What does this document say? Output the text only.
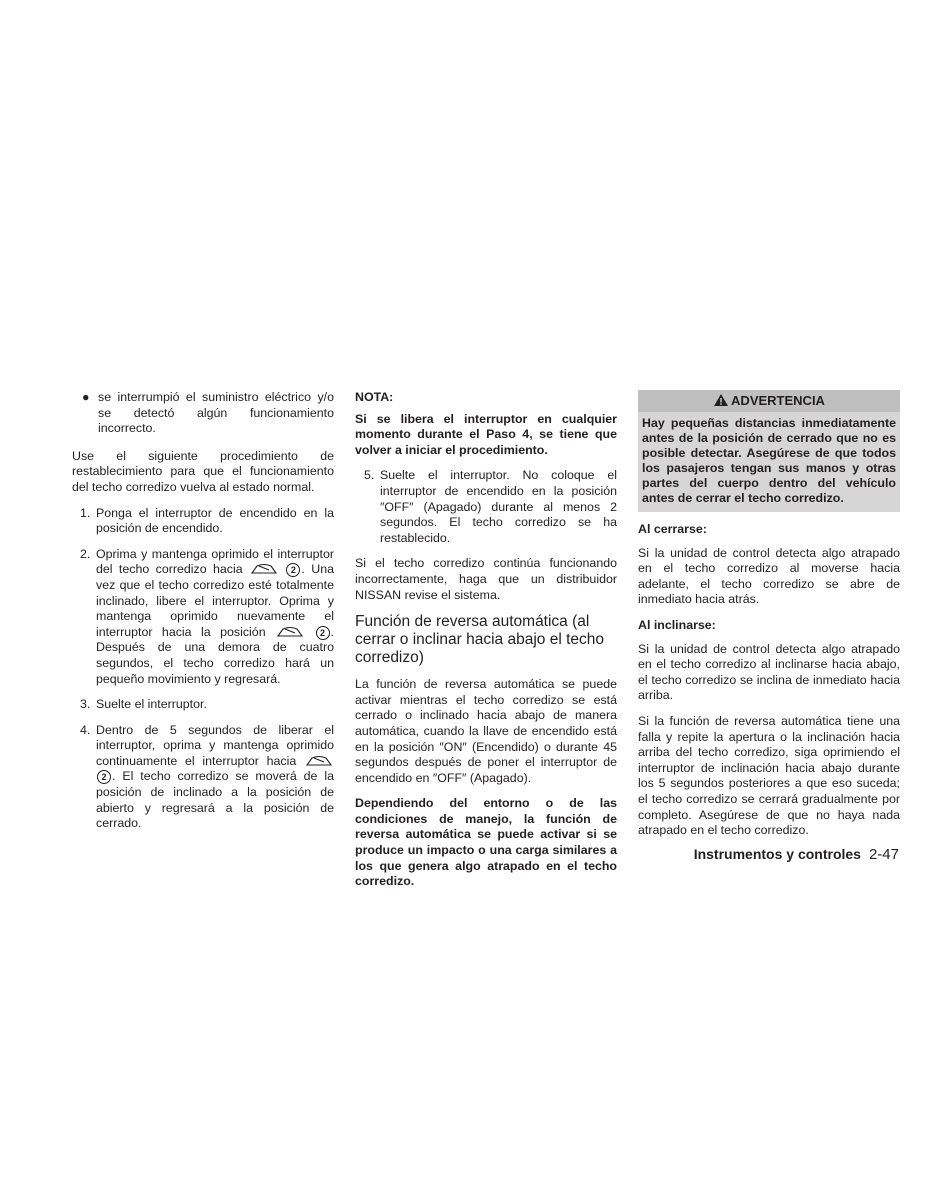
● se interrumpió el suministro eléctrico y/o se detectó algún funcionamiento incorrecto.

Use el siguiente procedimiento de restablecimiento para que el funcionamiento del techo corredizo vuelva al estado normal.

1. Ponga el interruptor de encendido en la posición de encendido.
2. Oprima y mantenga oprimido el interruptor del techo corredizo hacia	2 . Una vez que el techo corredizo esté totalmente inclinado, libere el interruptor. Oprima y mantenga oprimido nuevamente el interruptor hacia la posición	2 . Después de una demora de cuatro segundos, el techo corredizo hará un pequeño movimiento y regresará.
3. Suelte el interruptor.
4. Dentro de 5 segundos de liberar el interruptor, oprima y mantenga oprimido continuamente el interruptor hacia  2 . El techo corredizo se moverá de la posición de inclinado a la posición de abierto y regresará a la posición de cerrado.

NOTA:

Si se libera el interruptor en cualquier momento durante el Paso 4, se tiene que volver a iniciar el procedimiento.

5. Suelte el interruptor. No coloque el interruptor de encendido en la posición ″OFF″ (Apagado) durante al menos 2 segundos. El techo corredizo se ha restablecido.

Si el techo corredizo continúa funcionando incorrectamente, haga que un distribuidor NISSAN revise el sistema.

Función de reversa automática (al cerrar o inclinar hacia abajo el techo corredizo)

La función de reversa automática se puede activar mientras el techo corredizo se está cerrado o inclinado hacia abajo de manera automática, cuando la llave de encendido está en la posición ″ON″ (Encendido) o durante 45 segundos después de poner el interruptor de encendido en ″OFF″ (Apagado).

Dependiendo del entorno o de las condiciones de manejo, la función de reversa automática se puede activar si se produce un impacto o una carga similares a los que genera algo atrapado en el techo corredizo.

ADVERTENCIA
Hay pequeñas distancias inmediatamente antes de la posición de cerrado que no es posible detectar. Asegúrese de que todos los pasajeros tengan sus manos y otras partes del cuerpo dentro del vehículo antes de cerrar el techo corredizo.
Al cerrarse:

Si la unidad de control detecta algo atrapado en el techo corredizo al moverse hacia adelante, el techo corredizo se abre de inmediato hacia atrás.

Al inclinarse:

Si la unidad de control detecta algo atrapado en el techo corredizo al inclinarse hacia abajo, el techo corredizo se inclina de inmediato hacia arriba.

Si la función de reversa automática tiene una falla y repite la apertura o la inclinación hacia arriba del techo corredizo, siga oprimiendo el interruptor de inclinación hacia abajo durante los 5 segundos posteriores a que eso suceda; el techo corredizo se cerrará gradualmente por completo. Asegúrese de que no haya nada atrapado en el techo corredizo.

Instrumentos y controles 2-47
